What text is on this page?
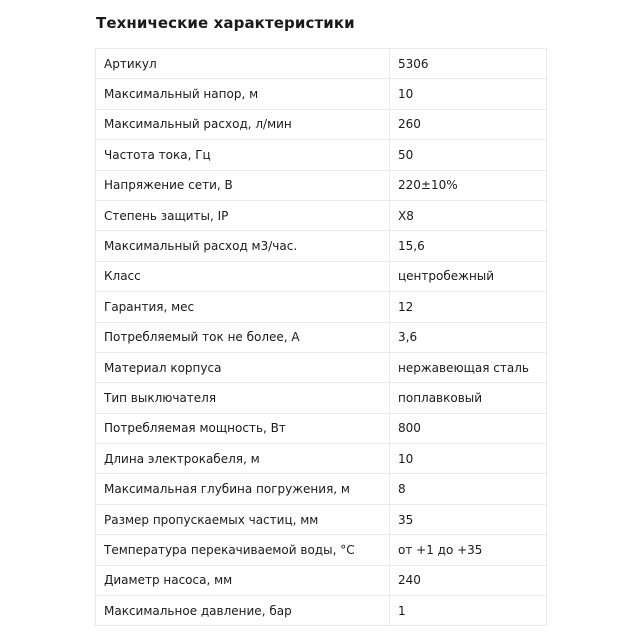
Технические характеристики
Артикул	5306
Максимальный напор, м	10
Максимальный расход, л/мин	260
Частота тока, Гц	50
Напряжение сети, В	220±10%
Степень защиты, IP	X8
Максимальный расход м3/час.	15,6
Класс	центробежный
Гарантия, мес	12
Потребляемый ток не более, А	3,6
Материал корпуса	нержавеющая сталь
Тип выключателя	поплавковый
Потребляемая мощность, Вт	800
Длина электрокабеля, м	10
Максимальная глубина погружения, м	8
Размер пропускаемых частиц, мм	35
Температура перекачиваемой воды, °С	от +1 до +35
Диаметр насоса, мм	240
Максимальное давление, бар	1
